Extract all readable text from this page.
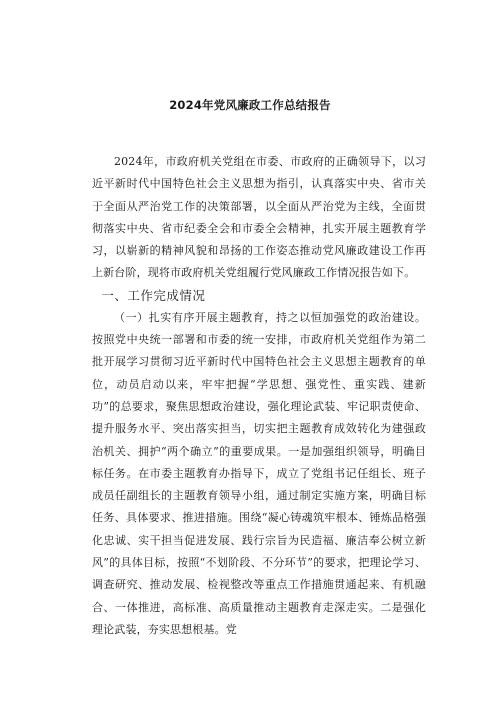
2024年党风廉政工作总结报告

2024年，市政府机关党组在市委、市政府的正确领导下，以习近平新时代中国特色社会主义思想为指引，认真落实中央、省市关于全面从严治党工作的决策部署，以全面从严治党为主线，全面贯彻落实中央、省市纪委全会和市委全会精神，扎实开展主题教育学习，以崭新的精神风貌和昂扬的工作姿态推动党风廉政建设工作再上新台阶，现将市政府机关党组履行党风廉政工作情况报告如下。

一、工作完成情况

（一）扎实有序开展主题教育，持之以恒加强党的政治建设。按照党中央统一部署和市委的统一安排，市政府机关党组作为第二批开展学习贯彻习近平新时代中国特色社会主义思想主题教育的单位，动员启动以来，牢牢把握“学思想、强党性、重实践、建新功”的总要求，聚焦思想政治建设，强化理论武装、牢记职责使命、提升服务水平、突出落实担当，切实把主题教育成效转化为建强政治机关、拥护“两个确立”的重要成果。一是加强组织领导，明确目标任务。在市委主题教育办指导下，成立了党组书记任组长、班子成员任副组长的主题教育领导小组，通过制定实施方案，明确目标任务、具体要求、推进措施。围绕“凝心铸魂筑牢根本、锤炼品格强化忠诚、实干担当促进发展、践行宗旨为民造福、廉洁奉公树立新风”的具体目标，按照“不划阶段、不分环节”的要求，把理论学习、调查研究、推动发展、检视整改等重点工作措施贯通起来、有机融合、一体推进，高标准、高质量推动主题教育走深走实。二是强化理论武装，夯实思想根基。党
